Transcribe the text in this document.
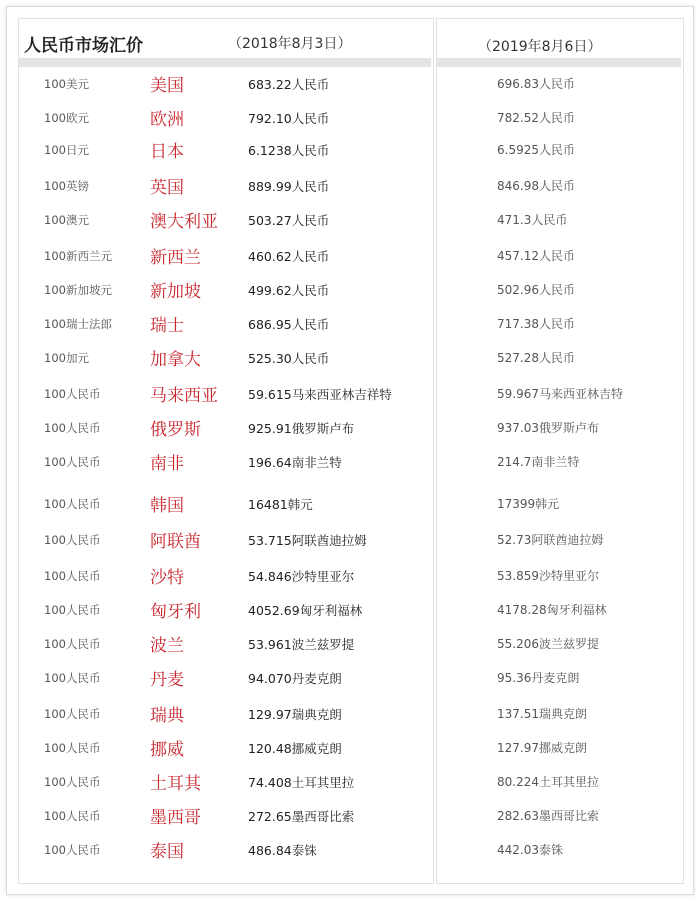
人民币市场汇价	（2018年8月3日）	（2019年8月6日）
100美元	美国	683.22人民币	696.83人民币
100欧元	欧洲	792.10人民币	782.52人民币
100日元	日本	6.1238人民币	6.5925人民币
100英镑	英国	889.99人民币	846.98人民币
100澳元	澳大利亚 503.27人民币	471.3人民币
100新西兰元 新西兰	460.62人民币	457.12人民币
100新加坡元 新加坡	499.62人民币	502.96人民币
100瑞士法郎 瑞士	686.95人民币	717.38人民币
100加元	加拿大	525.30人民币	527.28人民币
100人民币	马来西亚 59.615马来西亚林吉祥特	59.967马来西亚林吉特
100人民币	俄罗斯	925.91俄罗斯卢布	937.03俄罗斯卢布
100人民币	南非	196.64南非兰特	214.7南非兰特
100人民币	韩国	16481韩元	17399韩元
100人民币	阿联酋	53.715阿联酋迪拉姆	52.73阿联酋迪拉姆
100人民币	沙特	54.846沙特里亚尔	53.859沙特里亚尔
100人民币	匈牙利	4052.69匈牙利福林	4178.28匈牙利福林
100人民币	波兰	53.961波兰兹罗提	55.206波兰兹罗提
100人民币	丹麦	94.070丹麦克朗	95.36丹麦克朗
100人民币	瑞典	129.97瑞典克朗	137.51瑞典克朗
100人民币	挪威	120.48挪威克朗	127.97挪威克朗
100人民币	土耳其	74.408土耳其里拉	80.224土耳其里拉
100人民币	墨西哥	272.65墨西哥比索	282.63墨西哥比索
100人民币	泰国	486.84泰铢	442.03泰铢
